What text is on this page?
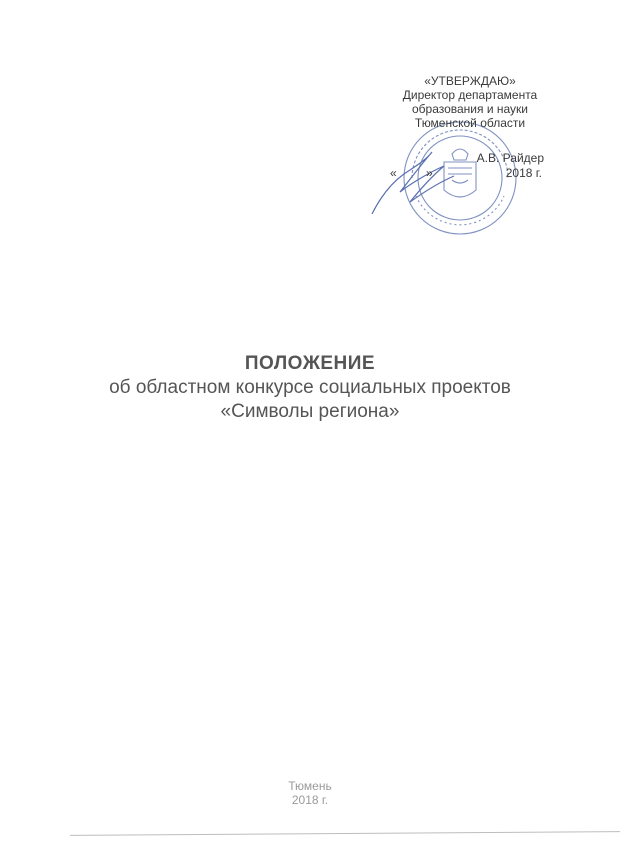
«УТВЕРЖДАЮ»
Директор департамента
образования и науки
Тюменской области
А.В. Райдер
« »	2018 г.
ПОЛОЖЕНИЕ
об областном конкурсе социальных проектов
«Символы региона»
Тюмень
2018 г.
